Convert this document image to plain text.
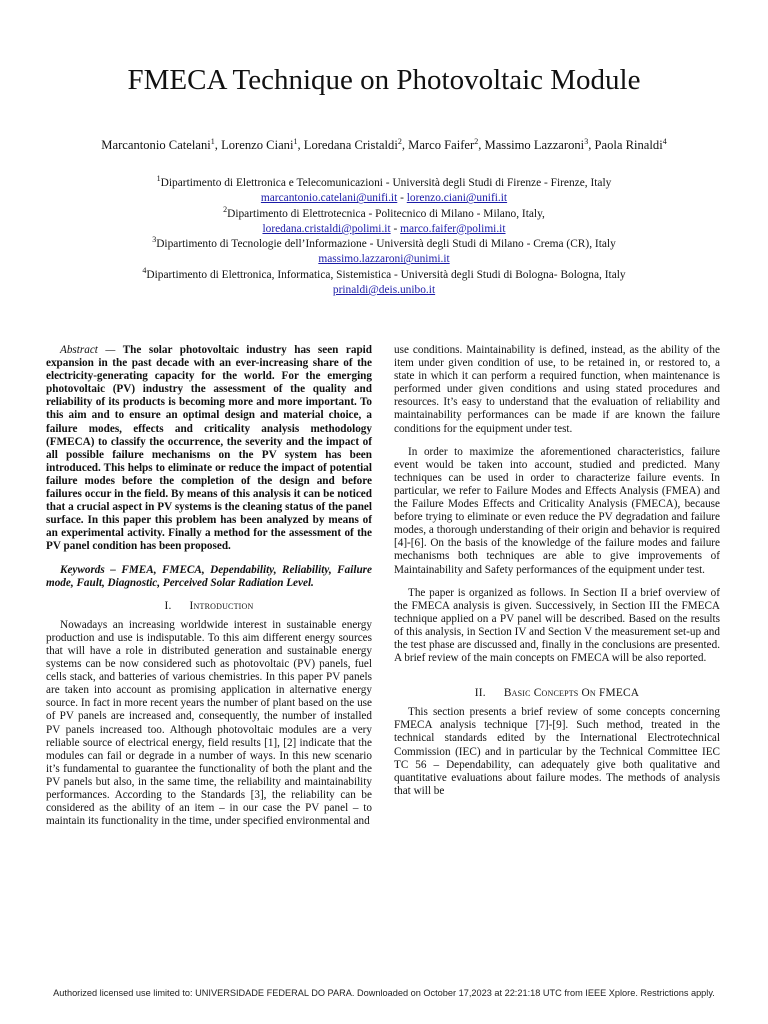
FMECA Technique on Photovoltaic Module
Marcantonio Catelani$^1$, Lorenzo Ciani$^1$, Loredana Cristaldi$^2$, Marco Faifer$^2$, Massimo Lazzaroni$^3$, Paola Rinaldi$^4$
$^1$Dipartimento di Elettronica e Telecomunicazioni - Università degli Studi di Firenze - Firenze, Italy
marcantonio.catelani@unifi.it - lorenzo.ciani@unifi.it
$^2$Dipartimento di Elettrotecnica - Politecnico di Milano - Milano, Italy,
loredana.cristaldi@polimi.it - marco.faifer@polimi.it
$^3$Dipartimento di Tecnologie dell’Informazione - Università degli Studi di Milano - Crema (CR), Italy
massimo.lazzaroni@unimi.it
$^4$Dipartimento di Elettronica, Informatica, Sistemistica - Università degli Studi di Bologna- Bologna, Italy
prinaldi@deis.unibo.it

Abstract — The solar photovoltaic industry has seen rapid expansion in the past decade with an ever-increasing share of the electricity-generating capacity for the world. For the emerging photovoltaic (PV) industry the assessment of the quality and reliability of its products is becoming more and more important. To this aim and to ensure an optimal design and material choice, a failure modes, effects and criticality analysis methodology (FMECA) to classify the occurrence, the severity and the impact of all possible failure mechanisms on the PV system has been introduced. This helps to eliminate or reduce the impact of potential failure modes before the completion of the design and before failures occur in the field. By means of this analysis it can be noticed that a crucial aspect in PV systems is the cleaning status of the panel surface. In this paper this problem has been analyzed by means of an experimental activity. Finally a method for the assessment of the PV panel condition has been proposed.

Keywords – FMEA, FMECA, Dependability, Reliability, Failure mode, Fault, Diagnostic, Perceived Solar Radiation Level.

I. Introduction

Nowadays an increasing worldwide interest in sustainable energy production and use is indisputable. To this aim different energy sources that will have a role in distributed generation and sustainable energy systems can be now considered such as photovoltaic (PV) panels, fuel cells stack, and batteries of various chemistries. In this paper PV panels are taken into account as promising application in alternative energy source. In fact in more recent years the number of plant based on the use of PV panels are increased and, consequently, the number of installed PV panels increased too. Although photovoltaic modules are a very reliable source of electrical energy, field results [1], [2] indicate that the modules can fail or degrade in a number of ways. In this new scenario it’s fundamental to guarantee the functionality of both the plant and the PV panels but also, in the same time, the reliability and maintainability performances. According to the Standards [3], the reliability can be considered as the ability of an item – in our case the PV panel – to maintain its functionality in the time, under specified environmental and

use conditions. Maintainability is defined, instead, as the ability of the item under given condition of use, to be retained in, or restored to, a state in which it can perform a required function, when maintenance is performed under given conditions and using stated procedures and resources. It’s easy to understand that the evaluation of reliability and maintainability performances can be made if are known the failure conditions for the equipment under test.

In order to maximize the aforementioned characteristics, failure event would be taken into account, studied and predicted. Many techniques can be used in order to characterize failure events. In particular, we refer to Failure Modes and Effects Analysis (FMEA) and the Failure Modes Effects and Criticality Analysis (FMECA), because before trying to eliminate or even reduce the PV degradation and failure modes, a thorough understanding of their origin and behavior is required [4]-[6]. On the basis of the knowledge of the failure modes and failure mechanisms both techniques are able to give improvements of Maintainability and Safety performances of the equipment under test.

The paper is organized as follows. In Section II a brief overview of the FMECA analysis is given. Successively, in Section III the FMECA technique applied on a PV panel will be described. Based on the results of this analysis, in Section IV and Section V the measurement set-up and the test phase are discussed and, finally in the conclusions are presented. A brief review of the main concepts on FMECA will be also reported.

II. Basic Concepts On FMECA

This section presents a brief review of some concepts concerning FMECA analysis technique [7]-[9]. Such method, treated in the technical standards edited by the International Electrotechnical Commission (IEC) and in particular by the Technical Committee IEC TC 56 – Dependability, can adequately give both qualitative and quantitative evaluations about failure modes. The methods of analysis that will be

Authorized licensed use limited to: UNIVERSIDADE FEDERAL DO PARA. Downloaded on October 17,2023 at 22:21:18 UTC from IEEE Xplore. Restrictions apply.
